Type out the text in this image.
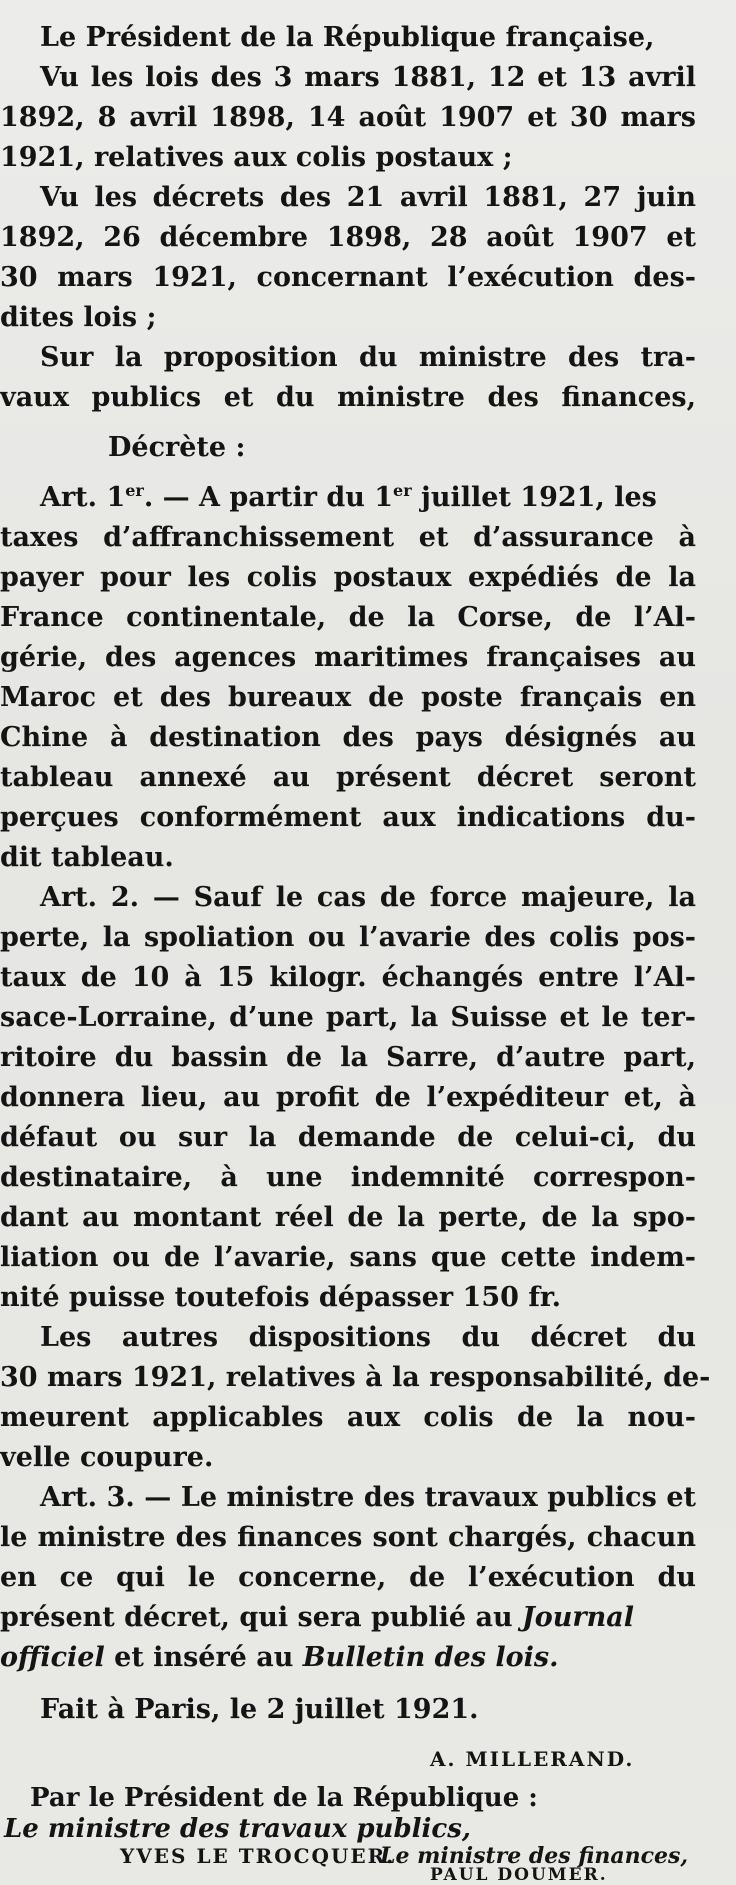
Le Président de la République française,
Vu les lois des 3 mars 1881, 12 et 13 avril
1892, 8 avril 1898, 14 août 1907 et 30 mars
1921, relatives aux colis postaux ;
Vu les décrets des 21 avril 1881, 27 juin
1892, 26 décembre 1898, 28 août 1907 et
30 mars 1921, concernant l’exécution des-
dites lois ;
Sur la proposition du ministre des tra-
vaux publics et du ministre des finances,
Décrète :
Art. 1er. — A partir du 1er juillet 1921, les
taxes d’affranchissement et d’assurance à
payer pour les colis postaux expédiés de la
France continentale, de la Corse, de l’Al-
gérie, des agences maritimes françaises au
Maroc et des bureaux de poste français en
Chine à destination des pays désignés au
tableau annexé au présent décret seront
perçues conformément aux indications du-
dit tableau.
Art. 2. — Sauf le cas de force majeure, la
perte, la spoliation ou l’avarie des colis pos-
taux de 10 à 15 kilogr. échangés entre l’Al-
sace-Lorraine, d’une part, la Suisse et le ter-
ritoire du bassin de la Sarre, d’autre part,
donnera lieu, au profit de l’expéditeur et, à
défaut ou sur la demande de celui-ci, du
destinataire, à une indemnité correspon-
dant au montant réel de la perte, de la spo-
liation ou de l’avarie, sans que cette indem-
nité puisse toutefois dépasser 150 fr.
Les autres dispositions du décret du
30 mars 1921, relatives à la responsabilité, de-
meurent applicables aux colis de la nou-
velle coupure.
Art. 3. — Le ministre des travaux publics et
le ministre des finances sont chargés, chacun
en ce qui le concerne, de l’exécution du
présent décret, qui sera publié au Journal
officiel et inséré au Bulletin des lois.
Fait à Paris, le 2 juillet 1921.
A. MILLERAND.
Par le Président de la République :
Le ministre des travaux publics,
YVES LE TROCQUER.
Le ministre des finances,
PAUL DOUMER.
